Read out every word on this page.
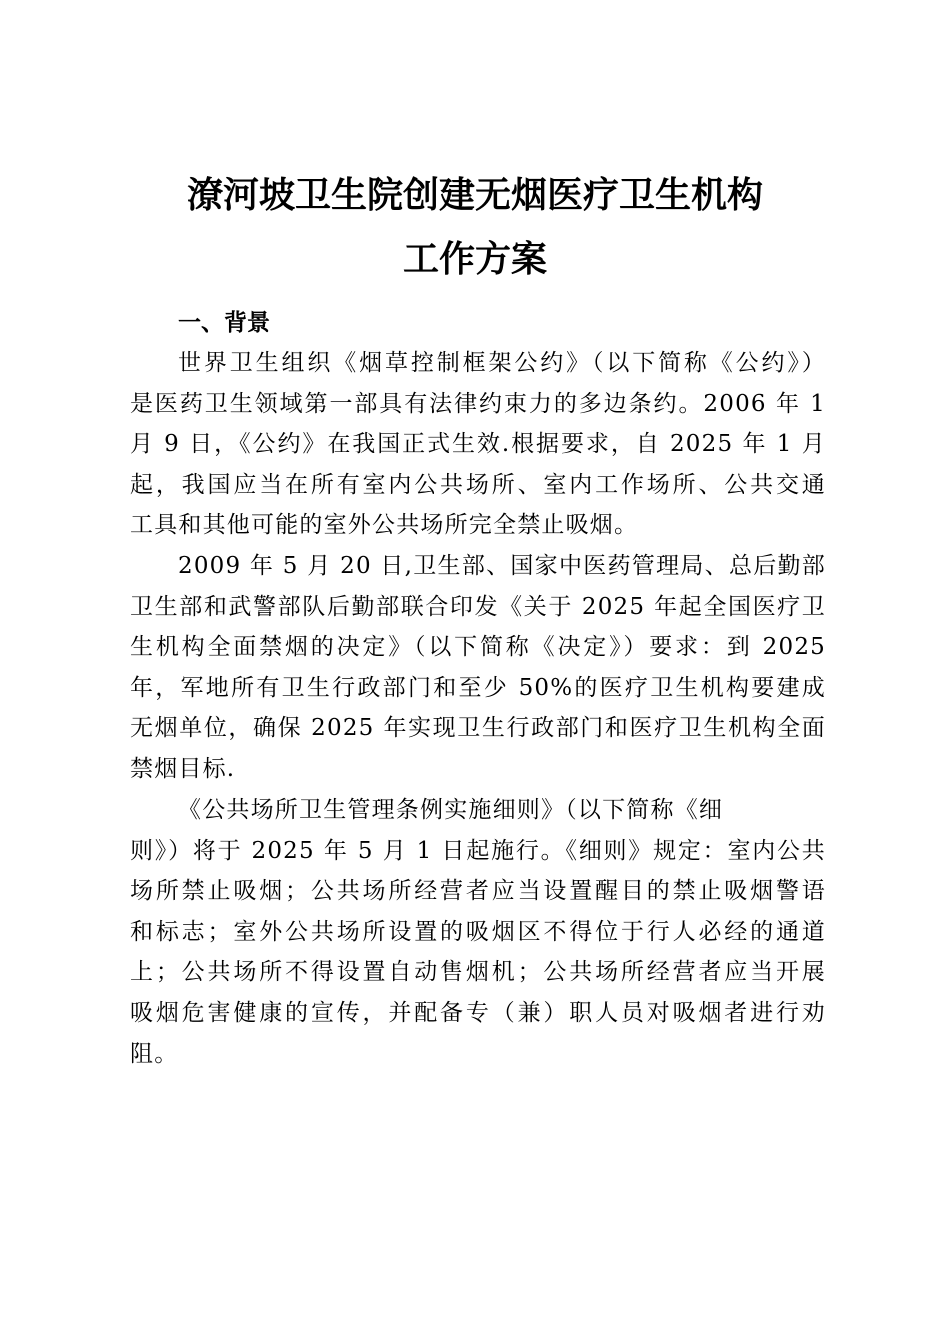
潦河坡卫生院创建无烟医疗卫生机构
工作方案
一、背景
世界卫生组织《烟草控制框架公约》（以下简称《公约》）
是医药卫生领域第一部具有法律约束力的多边条约。2006 年 1
月 9 日，《公约》在我国正式生效.根据要求，自 2025 年 1 月
起，我国应当在所有室内公共场所、室内工作场所、公共交通
工具和其他可能的室外公共场所完全禁止吸烟。
2009 年 5 月 20 日,卫生部、国家中医药管理局、总后勤部
卫生部和武警部队后勤部联合印发《关于 2025 年起全国医疗卫
生机构全面禁烟的决定》（以下简称《决定》）要求：到 2025
年，军地所有卫生行政部门和至少 50%的医疗卫生机构要建成
无烟单位，确保 2025 年实现卫生行政部门和医疗卫生机构全面
禁烟目标.
《公共场所卫生管理条例实施细则》（以下简称《细
则》）将于 2025 年 5 月 1 日起施行。《细则》规定：室内公共
场所禁止吸烟；公共场所经营者应当设置醒目的禁止吸烟警语
和标志；室外公共场所设置的吸烟区不得位于行人必经的通道
上；公共场所不得设置自动售烟机；公共场所经营者应当开展
吸烟危害健康的宣传，并配备专（兼）职人员对吸烟者进行劝
阻。
